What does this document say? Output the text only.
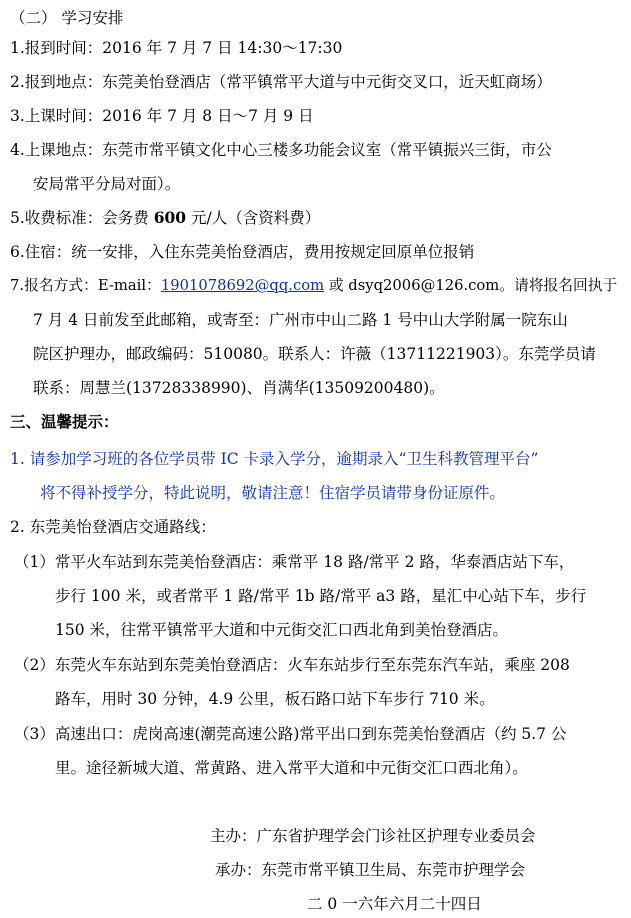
（二） 学习安排
1.报到时间：2016 年 7 月 7 日 14:30～17:30
2.报到地点：东莞美怡登酒店（常平镇常平大道与中元街交叉口，近天虹商场）
3.上课时间：2016 年 7 月 8 日～7 月 9 日
4.上课地点：东莞市常平镇文化中心三楼多功能会议室（常平镇振兴三街，市公
安局常平分局对面）。
5.收费标准：会务费 600 元/人（含资料费）
6.住宿：统一安排，入住东莞美怡登酒店，费用按规定回原单位报销
7.报名方式：E-mail：1901078692@qq.com 或 dsyq2006@126.com。请将报名回执于
7 月 4 日前发至此邮箱，或寄至：广州市中山二路 1 号中山大学附属一院东山
院区护理办，邮政编码：510080。联系人：许薇（13711221903）。东莞学员请
联系：周慧兰(13728338990)、肖满华(13509200480)。
三、温馨提示：
1. 请参加学习班的各位学员带 IC 卡录入学分，逾期录入“卫生科教管理平台”
将不得补授学分，特此说明，敬请注意！住宿学员请带身份证原件。
2. 东莞美怡登酒店交通路线：
（1）常平火车站到东莞美怡登酒店：乘常平 18 路/常平 2 路，华泰酒店站下车，
步行 100 米，或者常平 1 路/常平 1b 路/常平 a3 路，星汇中心站下车，步行
150 米，往常平镇常平大道和中元街交汇口西北角到美怡登酒店。
（2）东莞火车东站到东莞美怡登酒店：火车东站步行至东莞东汽车站，乘座 208
路车，用时 30 分钟，4.9 公里，板石路口站下车步行 710 米。
（3）高速出口：虎岗高速(潮莞高速公路)常平出口到东莞美怡登酒店（约 5.7 公
里。途径新城大道、常黄路、进入常平大道和中元街交汇口西北角）。
主办：广东省护理学会门诊社区护理专业委员会
承办：东莞市常平镇卫生局、东莞市护理学会
二 0 一六年六月二十四日
